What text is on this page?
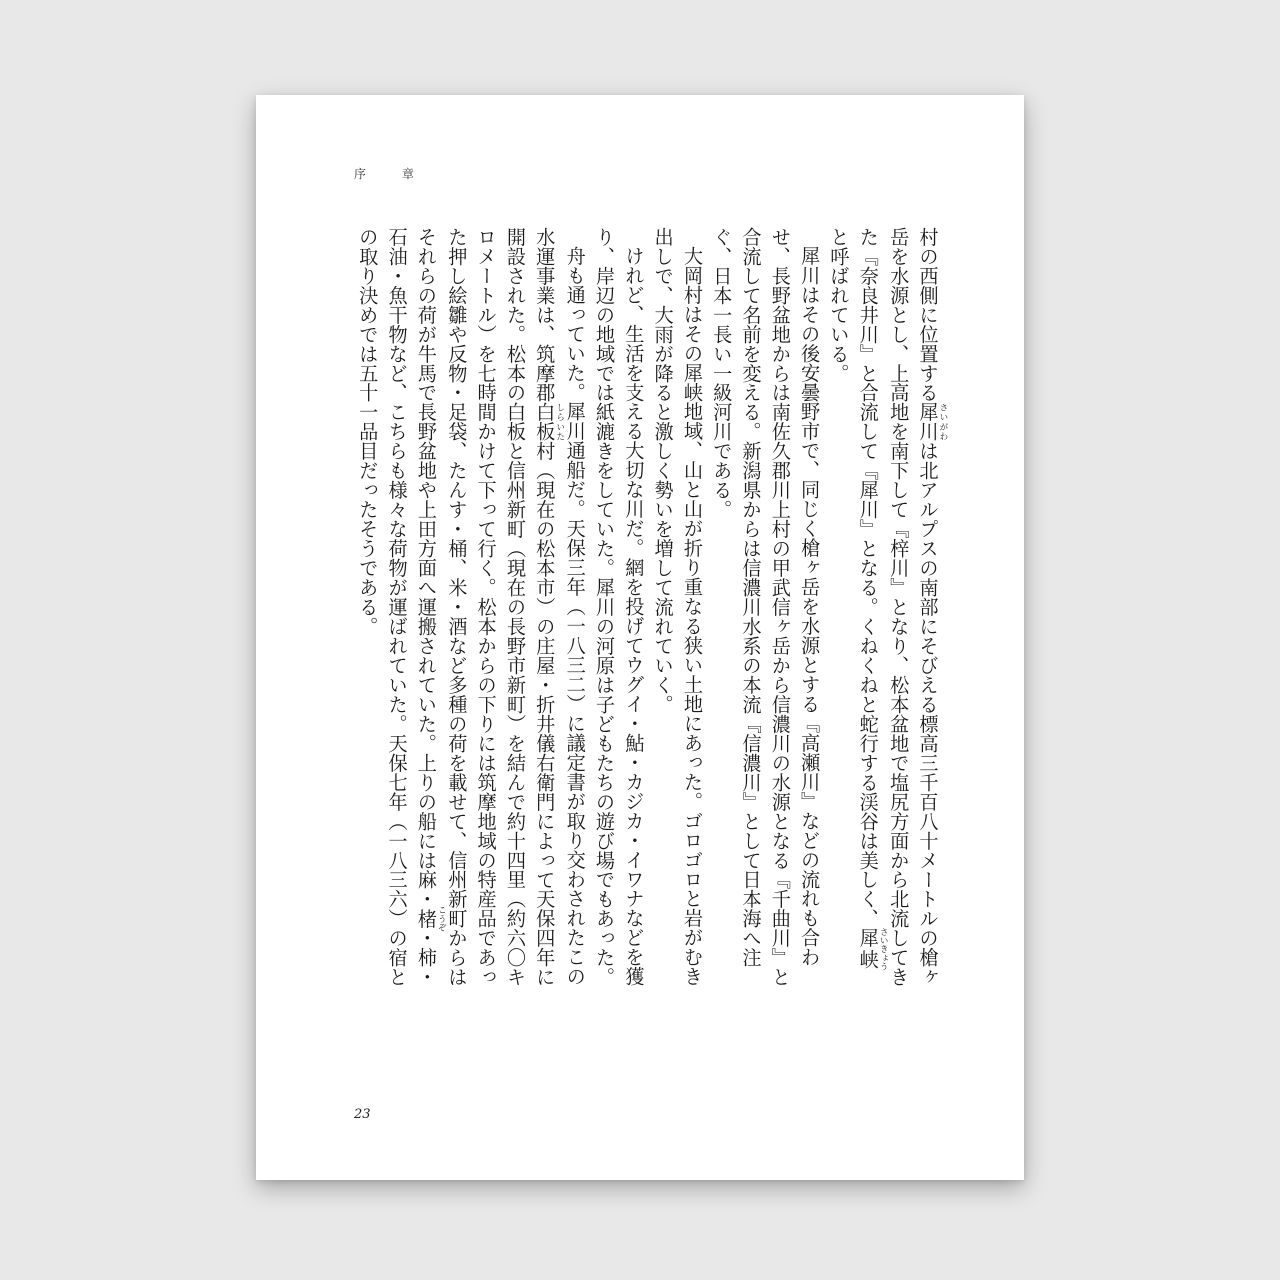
序　章

村の西側に位置する犀川さいがわは北アルプスの南部にそびえる標高三千百八十メートルの槍ヶ岳を水源とし、上高地を南下して『梓川』となり、松本盆地で塩尻方面から北流してきた『奈良井川』と合流して『犀川』となる。くねくねと蛇行する渓谷は美しく、犀峡さいきょうと呼ばれている。

犀川はその後安曇野市で、同じく槍ヶ岳を水源とする『高瀬川』などの流れも合わせ、長野盆地からは南佐久郡川上村の甲武信ヶ岳から信濃川の水源となる『千曲川』と合流して名前を変える。新潟県からは信濃川水系の本流『信濃川』として日本海へ注ぐ、日本一長い一級河川である。

大岡村はその犀峡地域、山と山が折り重なる狭い土地にあった。ゴロゴロと岩がむき出しで、大雨が降ると激しく勢いを増して流れていく。

けれど、生活を支える大切な川だ。網を投げてウグイ・鮎・カジカ・イワナなどを獲り、岸辺の地域では紙漉きをしていた。犀川の河原は子どもたちの遊び場でもあった。

舟も通っていた。犀川通船だ。天保三年（一八三二）に議定書が取り交わされたこの水運事業は、筑摩郡白板しらいた村（現在の松本市）の庄屋・折井儀右衛門によって天保四年に開設された。松本の白板と信州新町（現在の長野市新町）を結んで約十四里（約六〇キロメートル）を七時間かけて下って行く。松本からの下りには筑摩地域の特産品であった押し絵雛や反物・足袋、たんす・桶、米・酒など多種の荷を載せて、信州新町からはそれらの荷が牛馬で長野盆地や上田方面へ運搬されていた。上りの船には麻・楮こうぞ・柿・石油・魚干物など、こちらも様々な荷物が運ばれていた。天保七年（一八三六）の宿との取り決めでは五十一品目だったそうである。

23
